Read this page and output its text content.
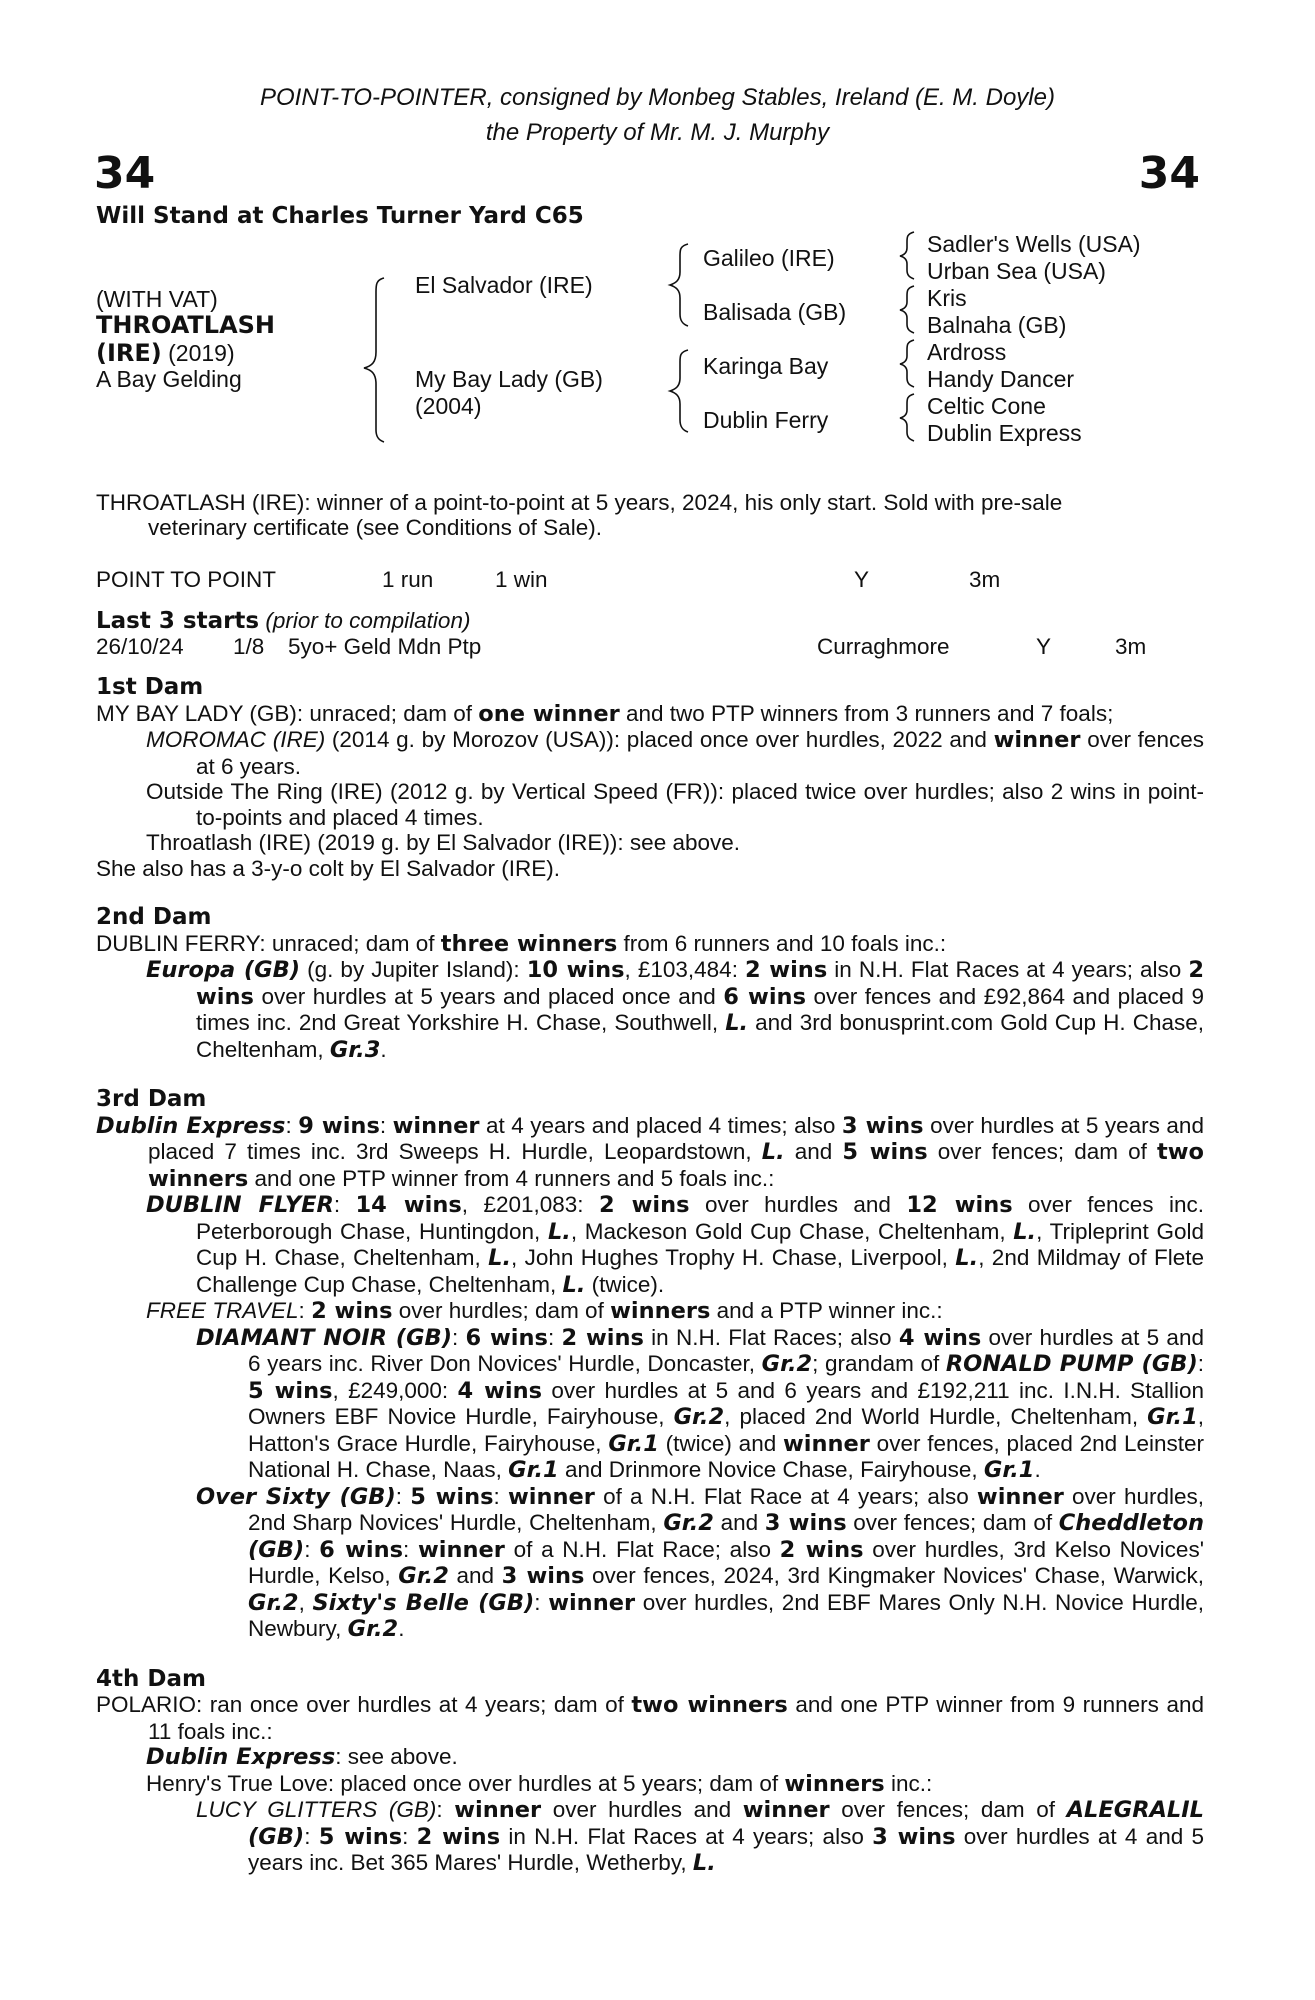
POINT-TO-POINTER, consigned by Monbeg Stables, Ireland (E. M. Doyle)
the Property of Mr. M. J. Murphy
34	34
Will Stand at Charles Turner Yard C65
(WITH VAT)
THROATLASH
(IRE) (2019)
A Bay Gelding
El Salvador (IRE)
My Bay Lady (GB)
(2004)
Galileo (IRE)
Balisada (GB)
Karinga Bay
Dublin Ferry
Sadler's Wells (USA)
Urban Sea (USA)
Kris
Balnaha (GB)
Ardross
Handy Dancer
Celtic Cone
Dublin Express
THROATLASH (IRE): winner of a point-to-point at 5 years, 2024, his only start. Sold with pre-sale
veterinary certificate (see Conditions of Sale).
POINT TO POINT	1 run	1 win	Y	3m
Last 3 starts (prior to compilation)
26/10/24 1/8 5yo+ Geld Mdn Ptp	Curraghmore	Y	3m
1st Dam
MY BAY LADY (GB): unraced; dam of one winner and two PTP winners from 3 runners and 7 foals;
MOROMAC (IRE) (2014 g. by Morozov (USA)): placed once over hurdles, 2022 and winner over fences at 6 years.
Outside The Ring (IRE) (2012 g. by Vertical Speed (FR)): placed twice over hurdles; also 2 wins in point-to-points and placed 4 times.
Throatlash (IRE) (2019 g. by El Salvador (IRE)): see above.
She also has a 3-y-o colt by El Salvador (IRE).
2nd Dam
DUBLIN FERRY: unraced; dam of three winners from 6 runners and 10 foals inc.:
Europa (GB) (g. by Jupiter Island): 10 wins, £103,484: 2 wins in N.H. Flat Races at 4 years; also 2 wins over hurdles at 5 years and placed once and 6 wins over fences and £92,864 and placed 9 times inc. 2nd Great Yorkshire H. Chase, Southwell, L. and 3rd bonusprint.com Gold Cup H. Chase, Cheltenham, Gr.3.
3rd Dam
Dublin Express: 9 wins: winner at 4 years and placed 4 times; also 3 wins over hurdles at 5 years and placed 7 times inc. 3rd Sweeps H. Hurdle, Leopardstown, L. and 5 wins over fences; dam of two winners and one PTP winner from 4 runners and 5 foals inc.:
DUBLIN FLYER: 14 wins, £201,083: 2 wins over hurdles and 12 wins over fences inc. Peterborough Chase, Huntingdon, L., Mackeson Gold Cup Chase, Cheltenham, L., Tripleprint Gold Cup H. Chase, Cheltenham, L., John Hughes Trophy H. Chase, Liverpool, L., 2nd Mildmay of Flete Challenge Cup Chase, Cheltenham, L. (twice).
FREE TRAVEL: 2 wins over hurdles; dam of winners and a PTP winner inc.:
DIAMANT NOIR (GB): 6 wins: 2 wins in N.H. Flat Races; also 4 wins over hurdles at 5 and 6 years inc. River Don Novices' Hurdle, Doncaster, Gr.2; grandam of RONALD PUMP (GB): 5 wins, £249,000: 4 wins over hurdles at 5 and 6 years and £192,211 inc. I.N.H. Stallion Owners EBF Novice Hurdle, Fairyhouse, Gr.2, placed 2nd World Hurdle, Cheltenham, Gr.1, Hatton's Grace Hurdle, Fairyhouse, Gr.1 (twice) and winner over fences, placed 2nd Leinster National H. Chase, Naas, Gr.1 and Drinmore Novice Chase, Fairyhouse, Gr.1.
Over Sixty (GB): 5 wins: winner of a N.H. Flat Race at 4 years; also winner over hurdles, 2nd Sharp Novices' Hurdle, Cheltenham, Gr.2 and 3 wins over fences; dam of Cheddleton (GB): 6 wins: winner of a N.H. Flat Race; also 2 wins over hurdles, 3rd Kelso Novices' Hurdle, Kelso, Gr.2 and 3 wins over fences, 2024, 3rd Kingmaker Novices' Chase, Warwick, Gr.2, Sixty's Belle (GB): winner over hurdles, 2nd EBF Mares Only N.H. Novice Hurdle, Newbury, Gr.2.
4th Dam
POLARIO: ran once over hurdles at 4 years; dam of two winners and one PTP winner from 9 runners and 11 foals inc.:
Dublin Express: see above.
Henry's True Love: placed once over hurdles at 5 years; dam of winners inc.:
LUCY GLITTERS (GB): winner over hurdles and winner over fences; dam of ALEGRALIL (GB): 5 wins: 2 wins in N.H. Flat Races at 4 years; also 3 wins over hurdles at 4 and 5 years inc. Bet 365 Mares' Hurdle, Wetherby, L.
